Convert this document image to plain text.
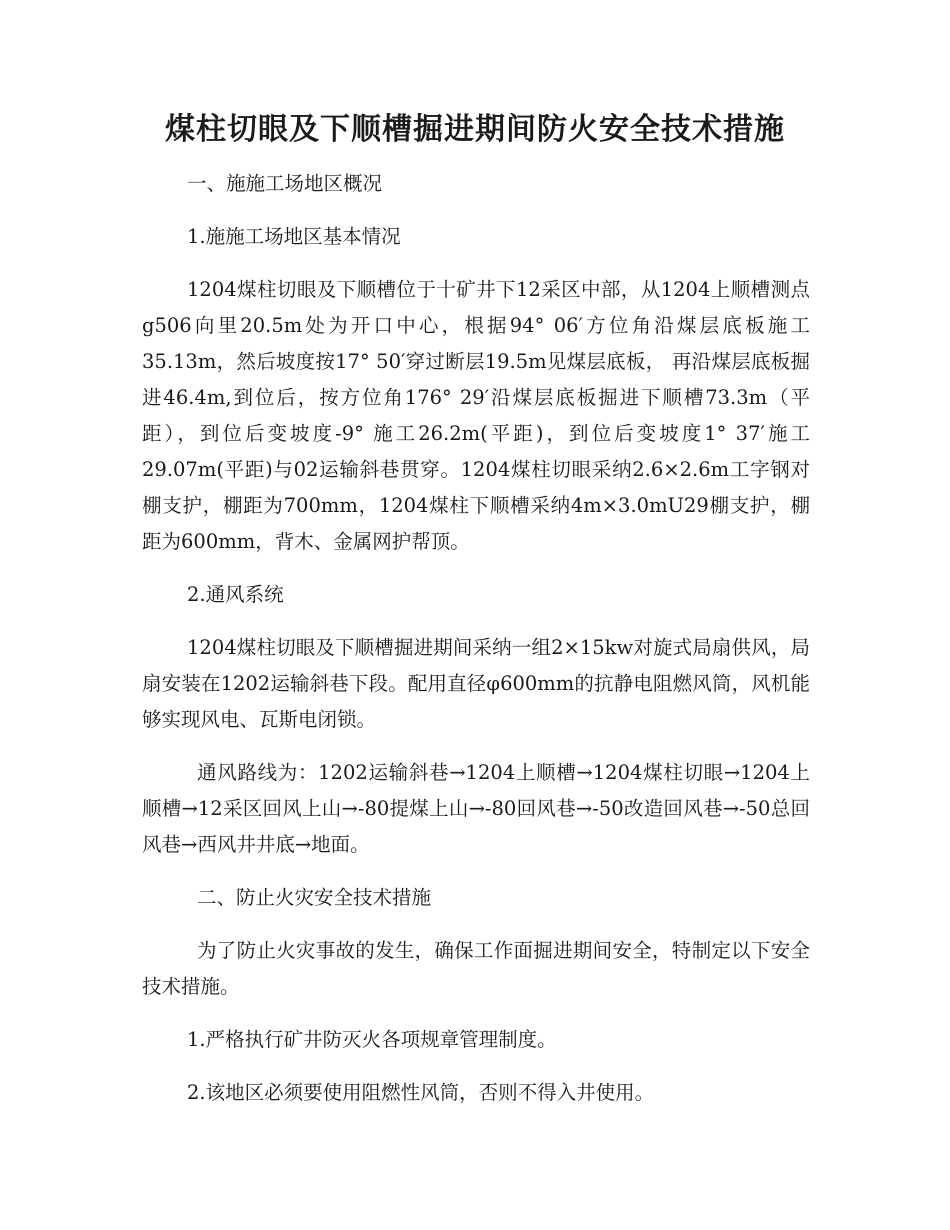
煤柱切眼及下顺槽掘进期间防火安全技术措施

一、施施工场地区概况

1.施施工场地区基本情况

1204煤柱切眼及下顺槽位于十矿井下12采区中部，从1204上顺槽测点g506向里20.5m处为开口中心，根据94° 06′方位角沿煤层底板施工35.13m，然后坡度按17° 50′穿过断层19.5m见煤层底板， 再沿煤层底板掘进46.4m,到位后，按方位角176° 29′沿煤层底板掘进下顺槽73.3m（平距），到位后变坡度-9° 施工26.2m(平距)，到位后变坡度1° 37′施工29.07m(平距)与02运输斜巷贯穿。1204煤柱切眼采纳2.6×2.6m工字钢对棚支护，棚距为700mm，1204煤柱下顺槽采纳4m×3.0mU29棚支护，棚距为600mm，背木、金属网护帮顶。

2.通风系统

1204煤柱切眼及下顺槽掘进期间采纳一组2×15kw对旋式局扇供风，局扇安装在1202运输斜巷下段。配用直径φ600mm的抗静电阻燃风筒，风机能够实现风电、瓦斯电闭锁。

通风路线为：1202运输斜巷→1204上顺槽→1204煤柱切眼→1204上顺槽→12采区回风上山→-80提煤上山→-80回风巷→-50改造回风巷→-50总回风巷→西风井井底→地面。

二、防止火灾安全技术措施

为了防止火灾事故的发生，确保工作面掘进期间安全，特制定以下安全技术措施。

1.严格执行矿井防灭火各项规章管理制度。

2.该地区必须要使用阻燃性风筒，否则不得入井使用。
